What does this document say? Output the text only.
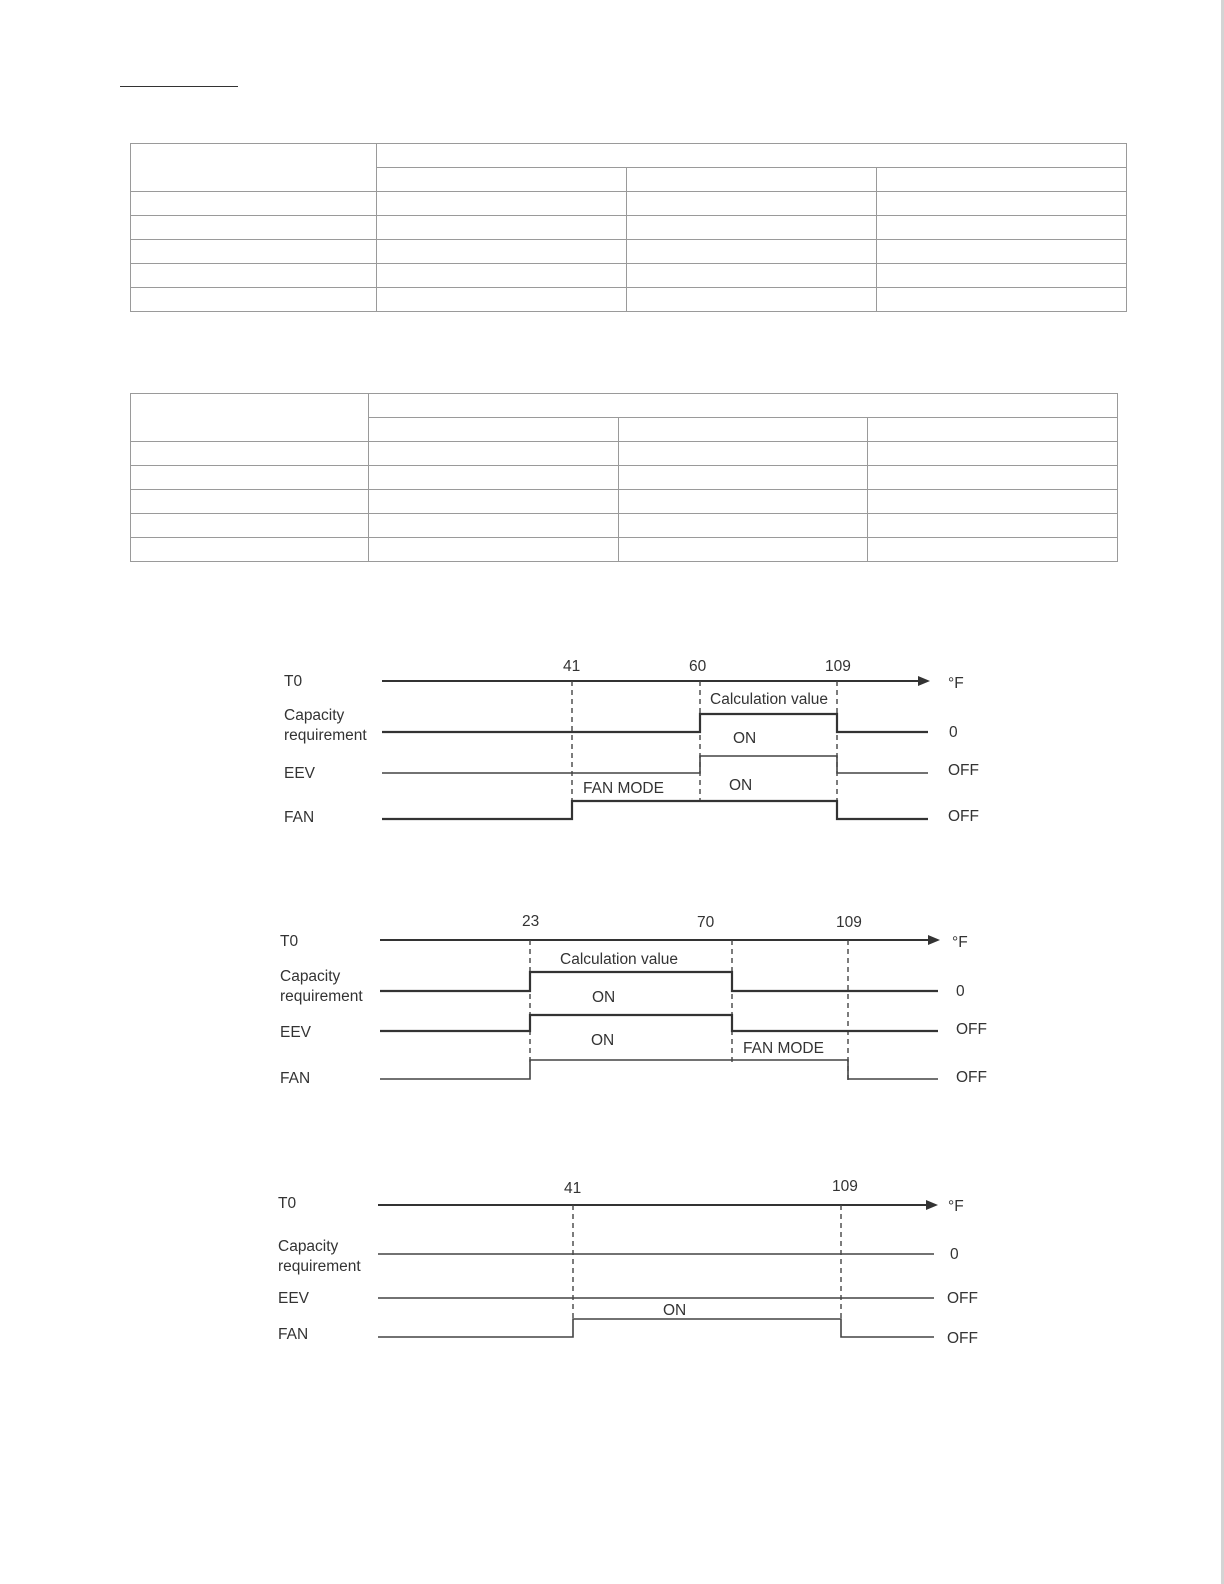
T0
Capacity
requirement
EEV
FAN
°F
41	60	109
Calculation value
ON	0
ON
OFF
FAN MODE
OFF
T0
Capacity
requirement
EEV
FAN
°F
23	70	109
Calculation value
ON	0
ON
OFF
FAN MODE
OFF
T0
Capacity
requirement
EEV
FAN
°F
41	109
0
OFF
ON
OFF
